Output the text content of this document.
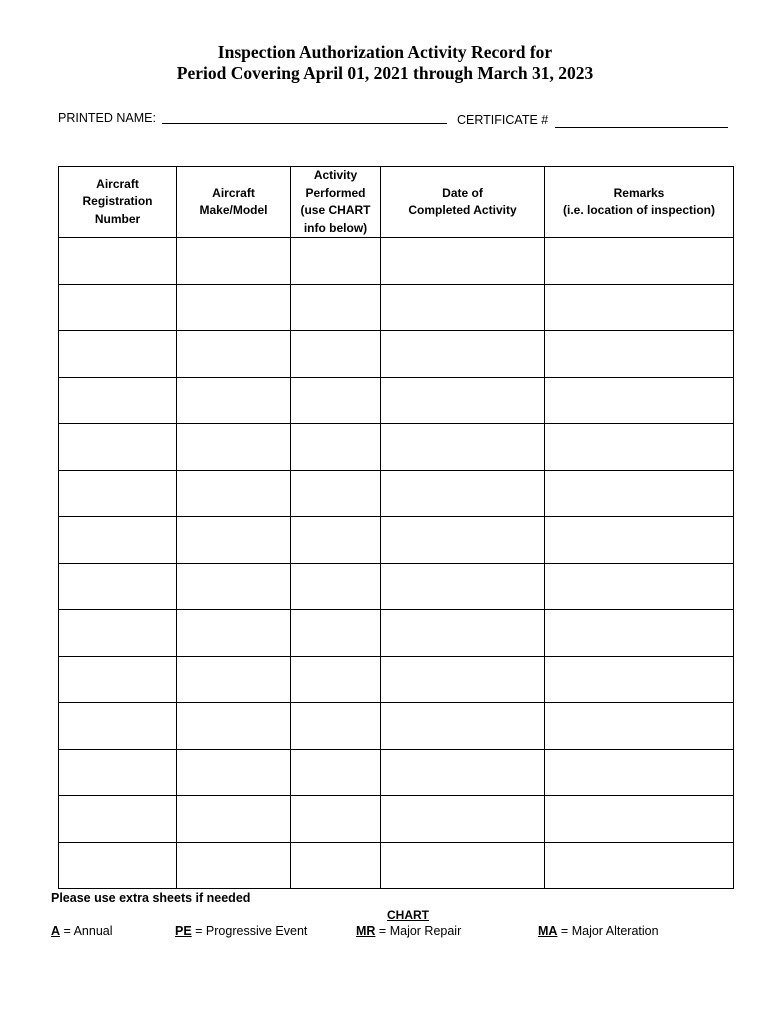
Inspection Authorization Activity Record for
Period Covering April 01, 2021 through March 31, 2023
PRINTED NAME:	CERTIFICATE #
Aircraft
Registration
Number	Aircraft
Make/Model	Activity
Performed
(use CHART
info below)	Date of
Completed Activity	Remarks
(i.e. location of inspection)

Please use extra sheets if needed
CHART
A = Annual	PE = Progressive Event	MR = Major Repair	MA = Major Alteration
